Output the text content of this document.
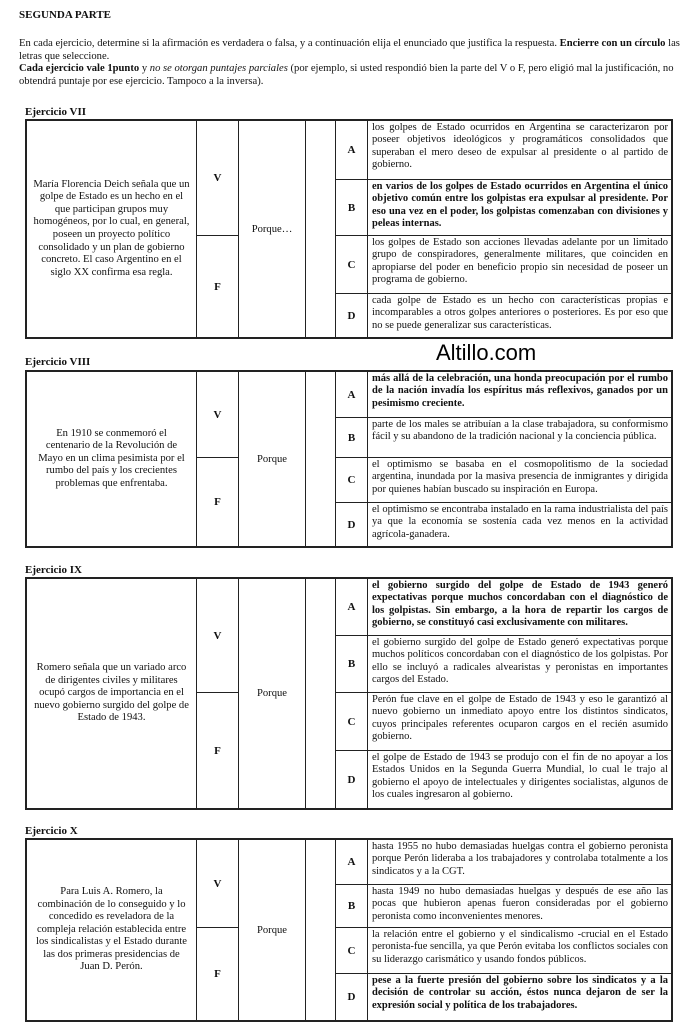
SEGUNDA PARTE
En cada ejercicio, determine si la afirmación es verdadera o falsa, y a continuación elija el enunciado que justifica la respuesta. Encierre con un círculo las letras que seleccione.
Cada ejercicio vale 1punto y no se otorgan puntajes parciales (por ejemplo, si usted respondió bien la parte del V o F, pero eligió mal la justificación, no obtendrá puntaje por ese ejercicio. Tampoco a la inversa).
Ejercicio VII
María Florencia Deich señala que un golpe de Estado es un hecho en el que participan grupos muy homogéneos, por lo cual, en general, poseen un proyecto político consolidado y un plan de gobierno concreto. El caso Argentino en el siglo XX confirma esa regla.
V
F
Porque…
A
los golpes de Estado ocurridos en Argentina se caracterizaron por poseer objetivos ideológicos y programáticos consolidados que superaban el mero deseo de expulsar al presidente o al partido de gobierno.
B
en varios de los golpes de Estado ocurridos en Argentina el único objetivo común entre los golpistas era expulsar al presidente. Por eso una vez en el poder, los golpistas comenzaban con divisiones y peleas internas.
C
los golpes de Estado son acciones llevadas adelante por un limitado grupo de conspiradores, generalmente militares, que coinciden en apropiarse del poder en beneficio propio sin necesidad de poseer un programa de gobierno.
D
cada golpe de Estado es un hecho con características propias e incomparables a otros golpes anteriores o posteriores. Es por eso que no se puede generalizar sus características.
Altillo.com
Ejercicio VIII
En 1910 se conmemoró el centenario de la Revolución de Mayo en un clima pesimista por el rumbo del país y los crecientes problemas que enfrentaba.
V
F
Porque
A
más allá de la celebración, una honda preocupación por el rumbo de la nación invadía los espíritus más reflexivos, ganados por un pesimismo creciente.
B
parte de los males se atribuían a la clase trabajadora, su conformismo fácil y su abandono de la tradición nacional y la conciencia pública.
C
el optimismo se basaba en el cosmopolitismo de la sociedad argentina, inundada por la masiva presencia de inmigrantes y dirigida por quienes habían buscado su inspiración en Europa.
D
el optimismo se encontraba instalado en la rama industrialista del país ya que la economía se sostenía cada vez menos en la actividad agrícola-ganadera.
Ejercicio IX
Romero señala que un variado arco de dirigentes civiles y militares ocupó cargos de importancia en el nuevo gobierno surgido del golpe de Estado de 1943.
V
F
Porque
A
el gobierno surgido del golpe de Estado de 1943 generó expectativas porque muchos concordaban con el diagnóstico de los golpistas. Sin embargo, a la hora de repartir los cargos de gobierno, se constituyó casi exclusivamente con militares.
B
el gobierno surgido del golpe de Estado generó expectativas porque muchos políticos concordaban con el diagnóstico de los golpistas. Por ello se incluyó a radicales alvearistas y peronistas en importantes cargos del Estado.
C
Perón fue clave en el golpe de Estado de 1943 y eso le garantizó al nuevo gobierno un inmediato apoyo entre los distintos sindicatos, cuyos principales referentes ocuparon cargos en el recién asumido gobierno.
D
el golpe de Estado de 1943 se produjo con el fin de no apoyar a los Estados Unidos en la Segunda Guerra Mundial, lo cual le trajo al gobierno el apoyo de intelectuales y dirigentes socialistas, algunos de los cuales ingresaron al gobierno.
Ejercicio X
Para Luis A. Romero, la combinación de lo conseguido y lo concedido es reveladora de la compleja relación establecida entre los sindicalistas y el Estado durante las dos primeras presidencias de Juan D. Perón.
V
F
Porque
A
hasta 1955 no hubo demasiadas huelgas contra el gobierno peronista porque Perón lideraba a los trabajadores y controlaba totalmente a los sindicatos y a la CGT.
B
hasta 1949 no hubo demasiadas huelgas y después de ese año las pocas que hubieron apenas fueron consideradas por el gobierno peronista como inconvenientes menores.
C
la relación entre el gobierno y el sindicalismo -crucial en el Estado peronista-fue sencilla, ya que Perón evitaba los conflictos sociales con su liderazgo carismático y usando fondos públicos.
D
pese a la fuerte presión del gobierno sobre los sindicatos y a la decisión de controlar su acción, éstos nunca dejaron de ser la expresión social y política de los trabajadores.
